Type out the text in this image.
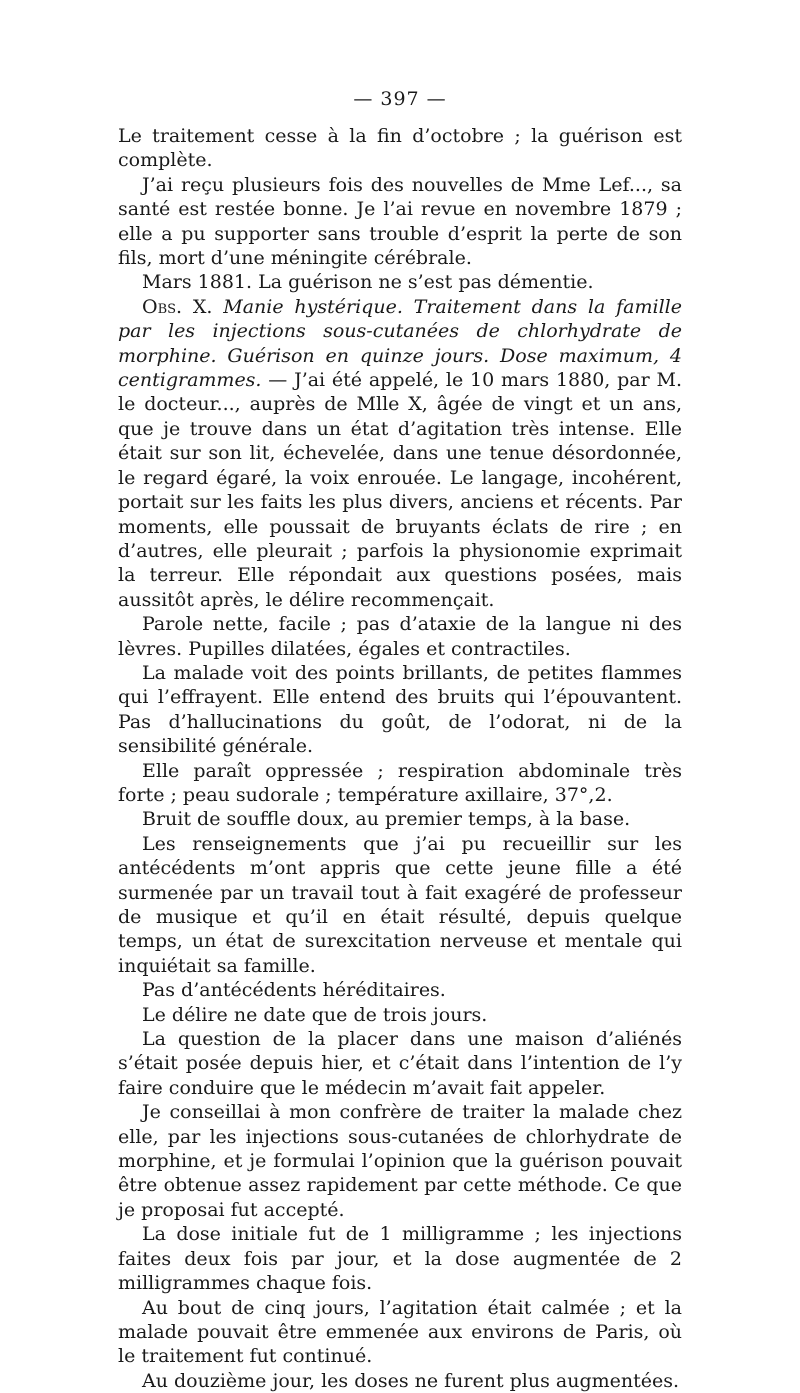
— 397 —

Le traitement cesse à la fin d’octobre ; la guérison est complète.

J’ai reçu plusieurs fois des nouvelles de Mme Lef..., sa santé est restée bonne. Je l’ai revue en novembre 1879 ; elle a pu supporter sans trouble d’esprit la perte de son fils, mort d’une méningite cérébrale.

Mars 1881. La guérison ne s’est pas démentie.

Obs. X. Manie hystérique. Traitement dans la famille par les injections sous-cutanées de chlorhydrate de morphine. Guérison en quinze jours. Dose maximum, 4 centigrammes. — J’ai été appelé, le 10 mars 1880, par M. le docteur..., auprès de Mlle X, âgée de vingt et un ans, que je trouve dans un état d’agitation très intense. Elle était sur son lit, échevelée, dans une tenue désordonnée, le regard égaré, la voix enrouée. Le langage, incohérent, portait sur les faits les plus divers, anciens et récents. Par moments, elle poussait de bruyants éclats de rire ; en d’autres, elle pleurait ; parfois la physionomie exprimait la terreur. Elle répondait aux questions posées, mais aussitôt après, le délire recommençait.

Parole nette, facile ; pas d’ataxie de la langue ni des lèvres. Pupilles dilatées, égales et contractiles.

La malade voit des points brillants, de petites flammes qui l’effrayent. Elle entend des bruits qui l’épouvantent. Pas d’hallucinations du goût, de l’odorat, ni de la sensibilité générale.

Elle paraît oppressée ; respiration abdominale très forte ; peau sudorale ; température axillaire, 37°,2.

Bruit de souffle doux, au premier temps, à la base.

Les renseignements que j’ai pu recueillir sur les antécédents m’ont appris que cette jeune fille a été surmenée par un travail tout à fait exagéré de professeur de musique et qu’il en était résulté, depuis quelque temps, un état de surexcitation nerveuse et mentale qui inquiétait sa famille.

Pas d’antécédents héréditaires.

Le délire ne date que de trois jours.

La question de la placer dans une maison d’aliénés s’était posée depuis hier, et c’était dans l’intention de l’y faire conduire que le médecin m’avait fait appeler.

Je conseillai à mon confrère de traiter la malade chez elle, par les injections sous-cutanées de chlorhydrate de morphine, et je formulai l’opinion que la guérison pouvait être obtenue assez rapidement par cette méthode. Ce que je proposai fut accepté.

La dose initiale fut de 1 milligramme ; les injections faites deux fois par jour, et la dose augmentée de 2 milligrammes chaque fois.

Au bout de cinq jours, l’agitation était calmée ; et la malade pouvait être emmenée aux environs de Paris, où le traitement fut continué.

Au douzième jour, les doses ne furent plus augmentées.
